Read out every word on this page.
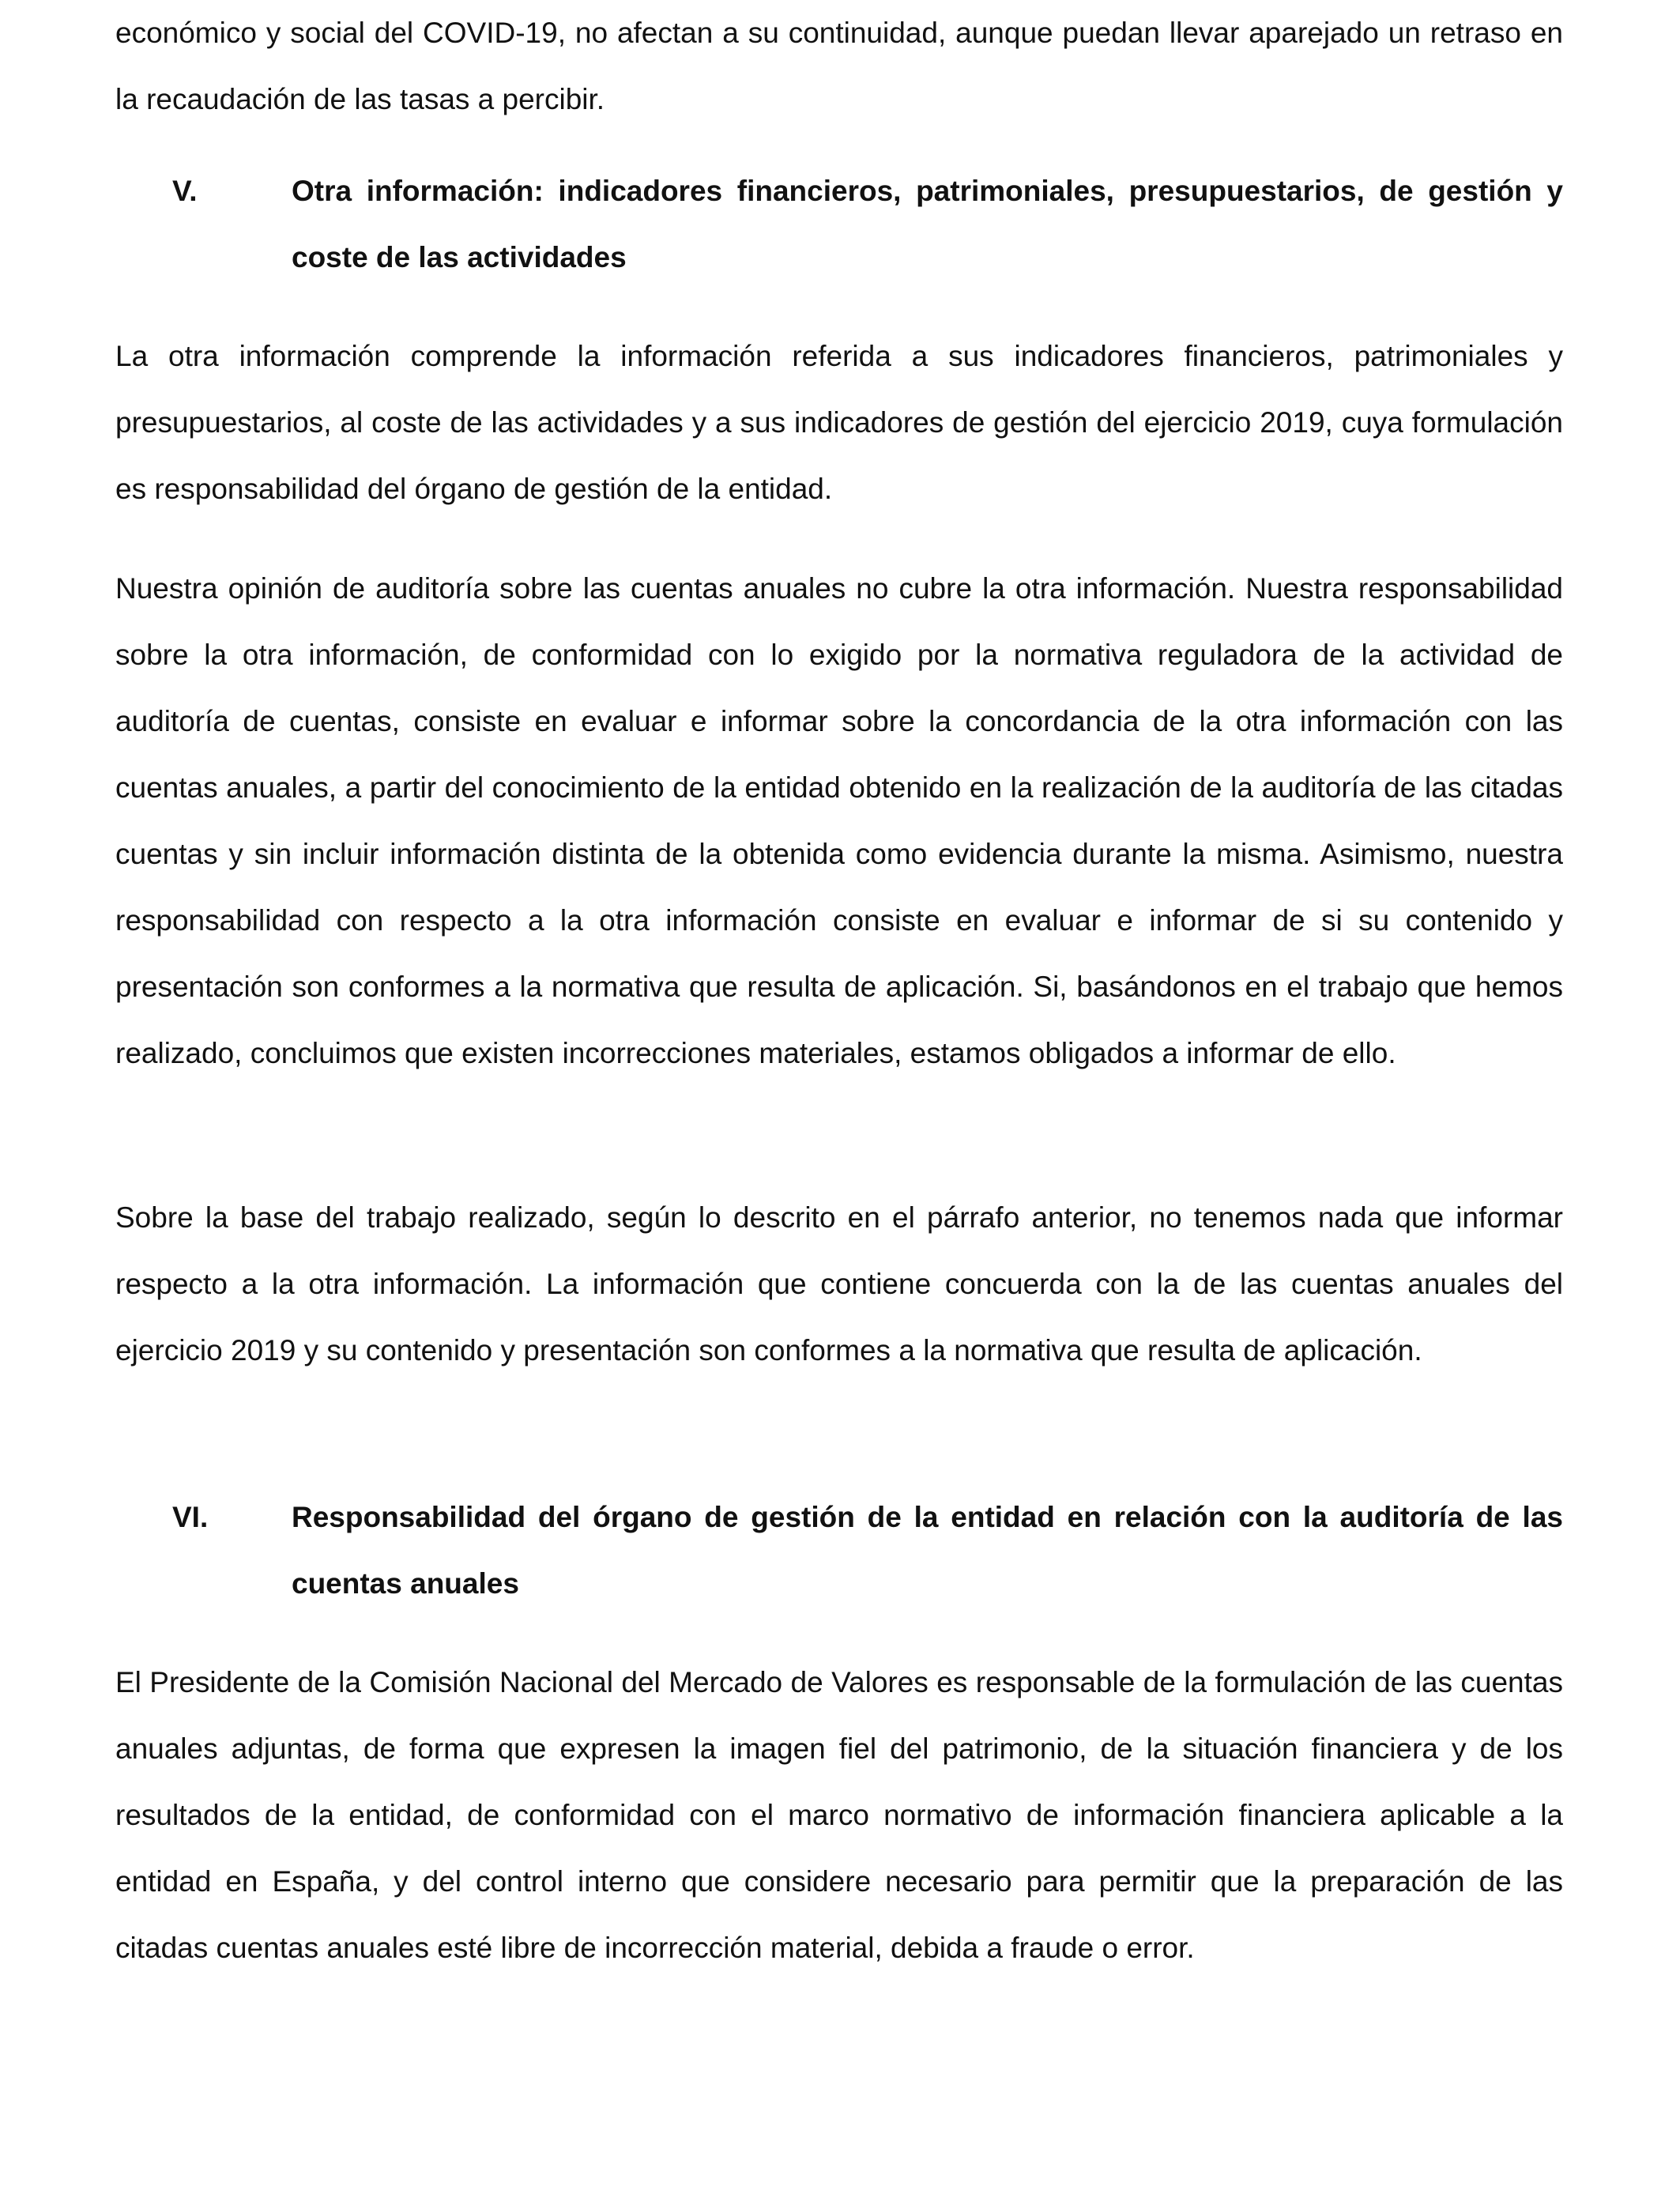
económico y social del COVID-19, no afectan a su continuidad, aunque puedan llevar aparejado un retraso en la recaudación de las tasas a percibir.

V.	Otra información: indicadores financieros, patrimoniales, presupuestarios, de gestión y coste de las actividades

La otra información comprende la información referida a sus indicadores financieros, patrimoniales y presupuestarios, al coste de las actividades y a sus indicadores de gestión del ejercicio 2019, cuya formulación es responsabilidad del órgano de gestión de la entidad.

Nuestra opinión de auditoría sobre las cuentas anuales no cubre la otra información. Nuestra responsabilidad sobre la otra información, de conformidad con lo exigido por la normativa reguladora de la actividad de auditoría de cuentas, consiste en evaluar e informar sobre la concordancia de la otra información con las cuentas anuales, a partir del conocimiento de la entidad obtenido en la realización de la auditoría de las citadas cuentas y sin incluir información distinta de la obtenida como evidencia durante la misma. Asimismo, nuestra responsabilidad con respecto a la otra información consiste en evaluar e informar de si su contenido y presentación son conformes a la normativa que resulta de aplicación. Si, basándonos en el trabajo que hemos realizado, concluimos que existen incorrecciones materiales, estamos obligados a informar de ello.

Sobre la base del trabajo realizado, según lo descrito en el párrafo anterior, no tenemos nada que informar respecto a la otra información. La información que contiene concuerda con la de las cuentas anuales del ejercicio 2019 y su contenido y presentación son conformes a la normativa que resulta de aplicación.

VI.	Responsabilidad del órgano de gestión de la entidad en relación con la auditoría de las cuentas anuales

El Presidente de la Comisión Nacional del Mercado de Valores es responsable de la formulación de las cuentas anuales adjuntas, de forma que expresen la imagen fiel del patrimonio, de la situación financiera y de los resultados de la entidad, de conformidad con el marco normativo de información financiera aplicable a la entidad en España, y del control interno que considere necesario para permitir que la preparación de las citadas cuentas anuales esté libre de incorrección material, debida a fraude o error.
